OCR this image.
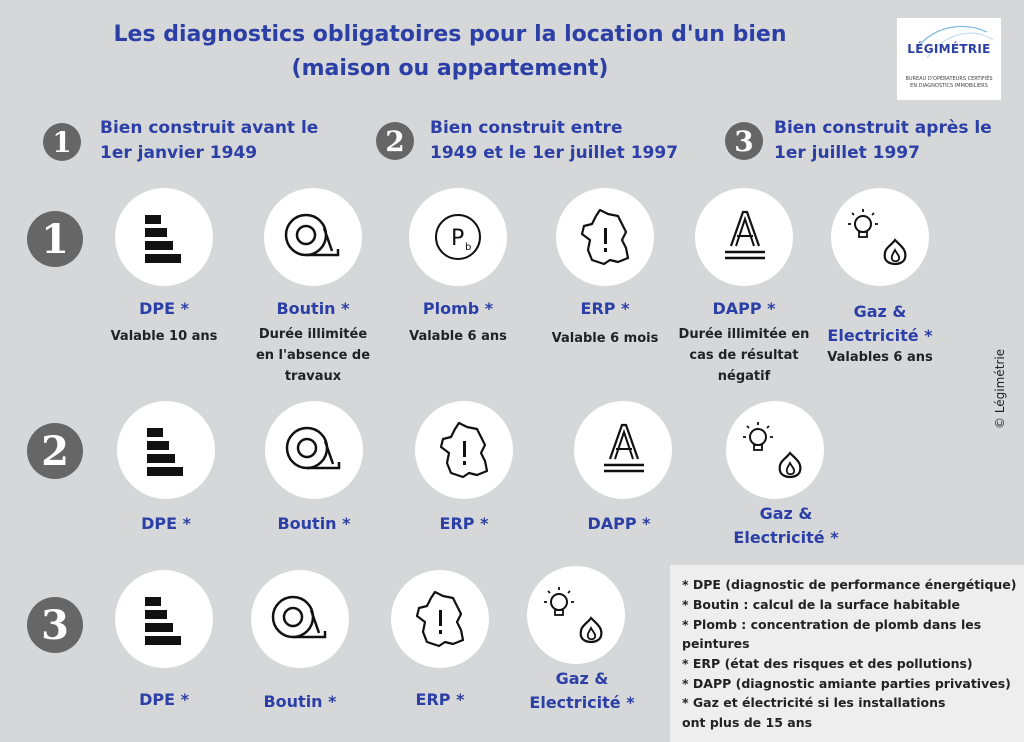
Les diagnostics obligatoires pour la location d'un bien
(maison ou appartement)
LÉGIMÉTRIE
BUREAU D'OPÉRATEURS CERTIFIÉS
EN DIAGNOSTICS IMMOBILIERS
1	Bien construit avant le
1er janvier 1949	2	Bien construit entre
1949 et le 1er juillet 1997	3	Bien construit après le
1er juillet 1997
1
DPE *
Valable 10 ans
Boutin *
Durée illimitée
en l'absence de
travaux
Plomb *
Valable 6 ans
ERP *
Valable 6 mois
DAPP *
Durée illimitée en
cas de résultat
négatif
Gaz &
Electricité *
Valables 6 ans
2
DPE *	Boutin *	ERP *	DAPP *
Gaz &
Electricité *
3
DPE *	Boutin *	ERP *
Gaz &
Electricité *
© Légimétrie
* DPE (diagnostic de performance énergétique)
* Boutin : calcul de la surface habitable
* Plomb : concentration de plomb dans les
peintures
* ERP (état des risques et des pollutions)
* DAPP (diagnostic amiante parties privatives)
* Gaz et électricité si les installations
ont plus de 15 ans
